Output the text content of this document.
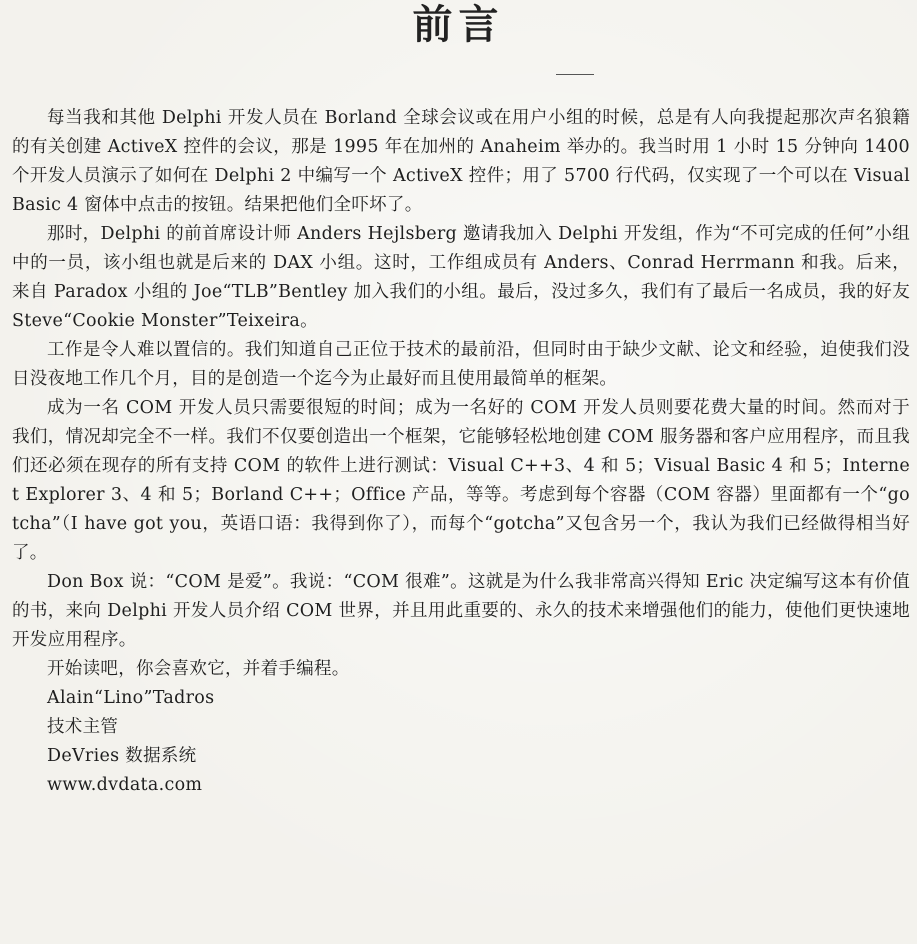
前言

每当我和其他 Delphi 开发人员在 Borland 全球会议或在用户小组的时候，总是有人向我提起那次声名狼籍的有关创建 ActiveX 控件的会议，那是 1995 年在加州的 Anaheim 举办的。我当时用 1 小时 15 分钟向 1400 个开发人员演示了如何在 Delphi 2 中编写一个 ActiveX 控件；用了 5700 行代码，仅实现了一个可以在 Visual Basic 4 窗体中点击的按钮。结果把他们全吓坏了。

那时，Delphi 的前首席设计师 Anders Hejlsberg 邀请我加入 Delphi 开发组，作为“不可完成的任何”小组中的一员，该小组也就是后来的 DAX 小组。这时，工作组成员有 Anders、Conrad Herrmann 和我。后来，来自 Paradox 小组的 Joe“TLB”Bentley 加入我们的小组。最后，没过多久，我们有了最后一名成员，我的好友 Steve“Cookie Monster”Teixeira。

工作是令人难以置信的。我们知道自己正位于技术的最前沿，但同时由于缺少文献、论文和经验，迫使我们没日没夜地工作几个月，目的是创造一个迄今为止最好而且使用最简单的框架。

成为一名 COM 开发人员只需要很短的时间；成为一名好的 COM 开发人员则要花费大量的时间。然而对于我们，情况却完全不一样。我们不仅要创造出一个框架，它能够轻松地创建 COM 服务器和客户应用程序，而且我们还必须在现存的所有支持 COM 的软件上进行测试：Visual C++3、4 和 5；Visual Basic 4 和 5；Internet Explorer 3、4 和 5；Borland C++；Office 产品，等等。考虑到每个容器（COM 容器）里面都有一个“gotcha”（I have got you，英语口语：我得到你了），而每个“gotcha”又包含另一个，我认为我们已经做得相当好了。

Don Box 说：“COM 是爱”。我说：“COM 很难”。这就是为什么我非常高兴得知 Eric 决定编写这本有价值的书，来向 Delphi 开发人员介绍 COM 世界，并且用此重要的、永久的技术来增强他们的能力，使他们更快速地开发应用程序。

开始读吧，你会喜欢它，并着手编程。

Alain“Lino”Tadros

技术主管

DeVries 数据系统

www.dvdata.com
